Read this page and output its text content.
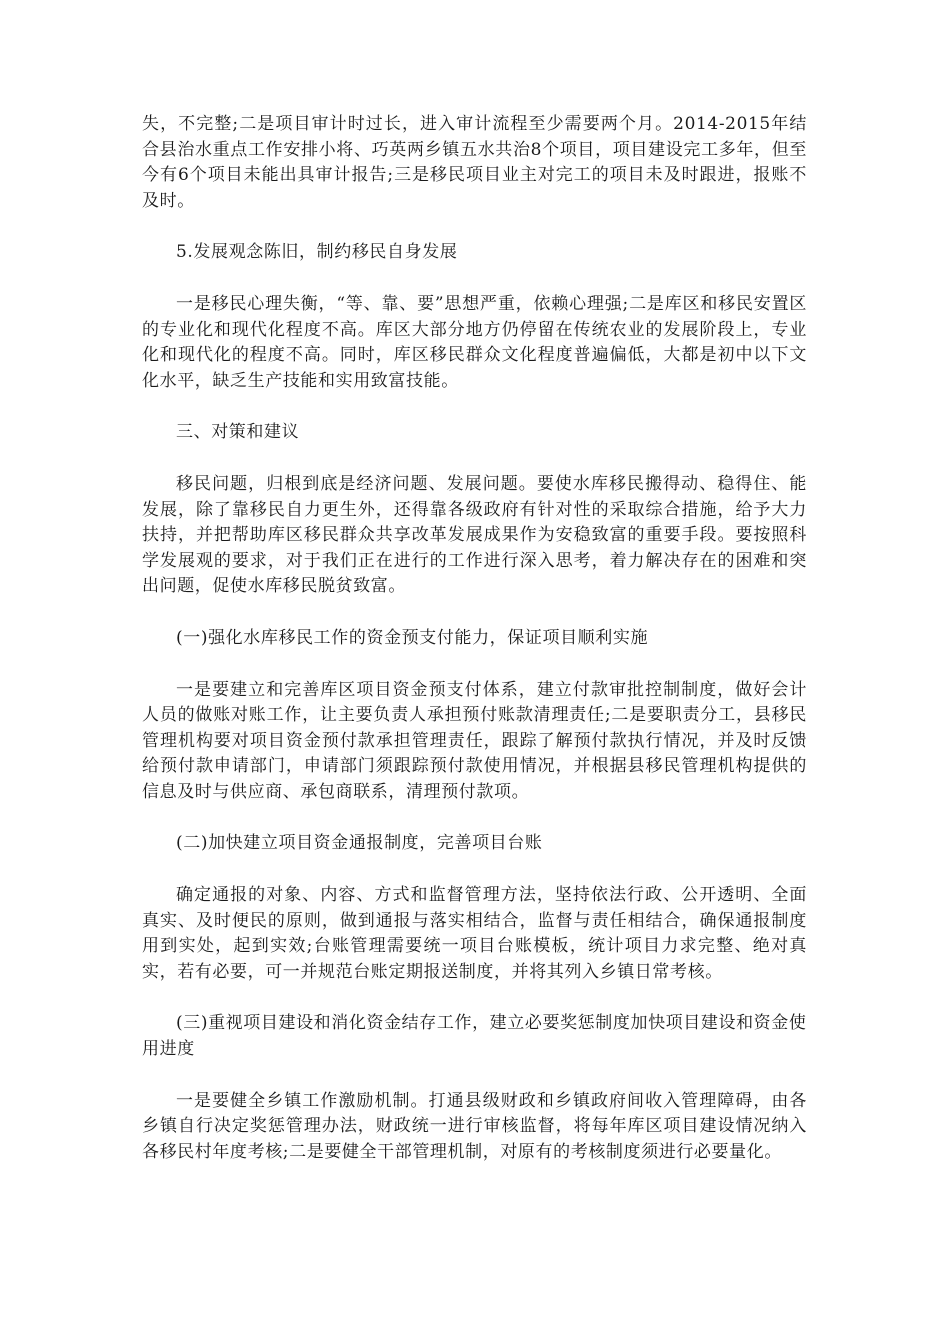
失，不完整;二是项目审计时过长，进入审计流程至少需要两个月。2014-2015年结合县治水重点工作安排小将、巧英两乡镇五水共治8个项目，项目建设完工多年，但至今有6个项目未能出具审计报告;三是移民项目业主对完工的项目未及时跟进，报账不及时。

5.发展观念陈旧，制约移民自身发展

一是移民心理失衡，“等、靠、要”思想严重，依赖心理强;二是库区和移民安置区的专业化和现代化程度不高。库区大部分地方仍停留在传统农业的发展阶段上，专业化和现代化的程度不高。同时，库区移民群众文化程度普遍偏低，大都是初中以下文化水平，缺乏生产技能和实用致富技能。

三、对策和建议

移民问题，归根到底是经济问题、发展问题。要使水库移民搬得动、稳得住、能发展，除了靠移民自力更生外，还得靠各级政府有针对性的采取综合措施，给予大力扶持，并把帮助库区移民群众共享改革发展成果作为安稳致富的重要手段。要按照科学发展观的要求，对于我们正在进行的工作进行深入思考，着力解决存在的困难和突出问题，促使水库移民脱贫致富。

(一)强化水库移民工作的资金预支付能力，保证项目顺利实施

一是要建立和完善库区项目资金预支付体系，建立付款审批控制制度，做好会计人员的做账对账工作，让主要负责人承担预付账款清理责任;二是要职责分工，县移民管理机构要对项目资金预付款承担管理责任，跟踪了解预付款执行情况，并及时反馈给预付款申请部门，申请部门须跟踪预付款使用情况，并根据县移民管理机构提供的信息及时与供应商、承包商联系，清理预付款项。

(二)加快建立项目资金通报制度，完善项目台账

确定通报的对象、内容、方式和监督管理方法，坚持依法行政、公开透明、全面真实、及时便民的原则，做到通报与落实相结合，监督与责任相结合，确保通报制度用到实处，起到实效;台账管理需要统一项目台账模板，统计项目力求完整、绝对真实，若有必要，可一并规范台账定期报送制度，并将其列入乡镇日常考核。

(三)重视项目建设和消化资金结存工作，建立必要奖惩制度加快项目建设和资金使用进度

一是要健全乡镇工作激励机制。打通县级财政和乡镇政府间收入管理障碍，由各乡镇自行决定奖惩管理办法，财政统一进行审核监督，将每年库区项目建设情况纳入各移民村年度考核;二是要健全干部管理机制，对原有的考核制度须进行必要量化。
